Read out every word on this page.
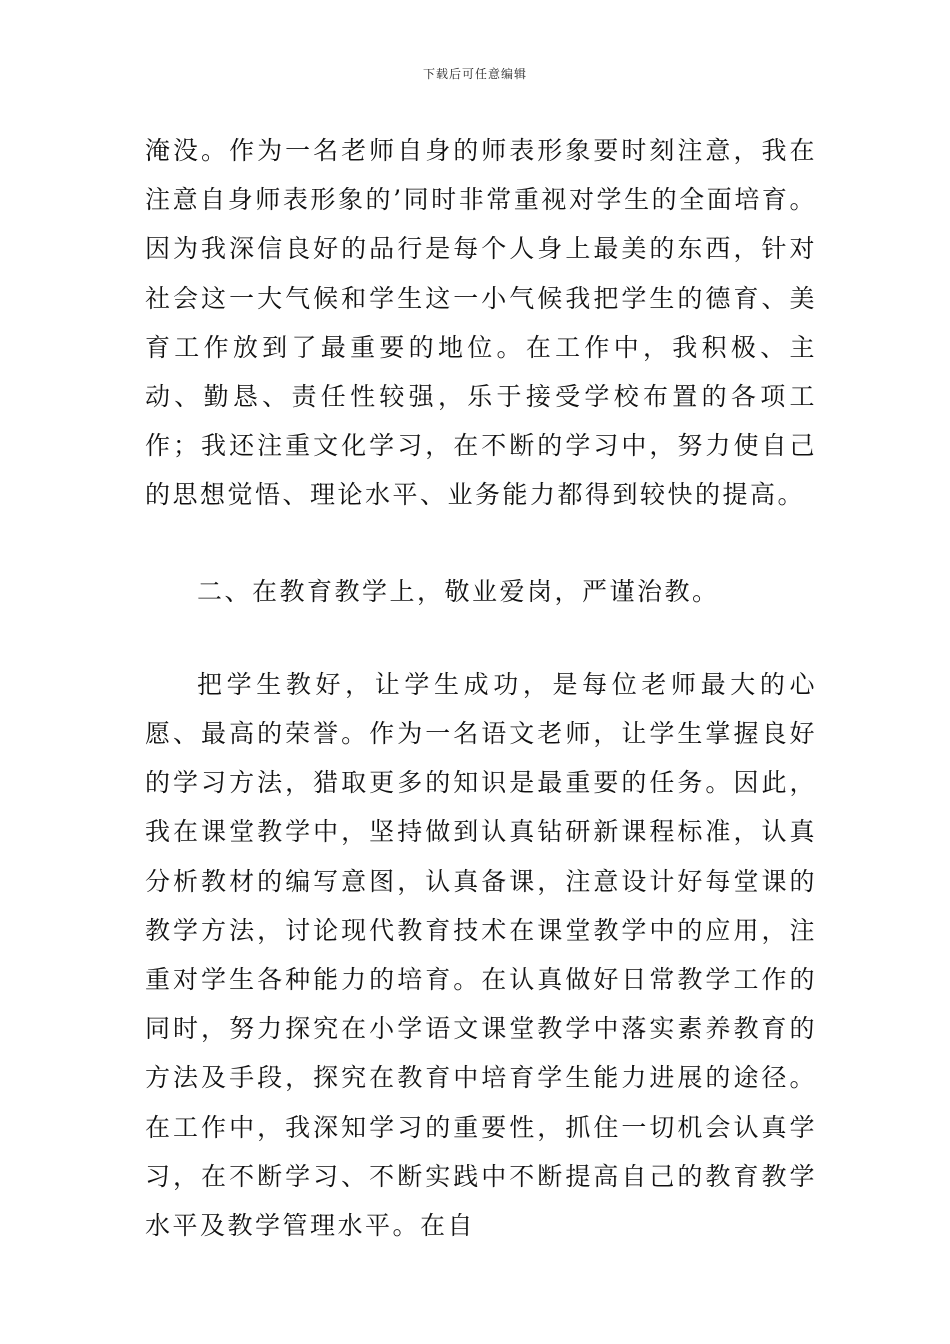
下载后可任意编辑

淹没。作为一名老师自身的师表形象要时刻注意，我在注意自身师表形象的’同时非常重视对学生的全面培育。因为我深信良好的品行是每个人身上最美的东西，针对社会这一大气候和学生这一小气候我把学生的德育、美育工作放到了最重要的地位。在工作中，我积极、主动、勤恳、责任性较强，乐于接受学校布置的各项工作；我还注重文化学习，在不断的学习中，努力使自己的思想觉悟、理论水平、业务能力都得到较快的提高。

二、在教育教学上，敬业爱岗，严谨治教。

把学生教好，让学生成功，是每位老师最大的心愿、最高的荣誉。作为一名语文老师，让学生掌握良好的学习方法，猎取更多的知识是最重要的任务。因此，我在课堂教学中，坚持做到认真钻研新课程标准，认真分析教材的编写意图，认真备课，注意设计好每堂课的教学方法，讨论现代教育技术在课堂教学中的应用，注重对学生各种能力的培育。在认真做好日常教学工作的同时，努力探究在小学语文课堂教学中落实素养教育的方法及手段，探究在教育中培育学生能力进展的途径。在工作中，我深知学习的重要性，抓住一切机会认真学习，在不断学习、不断实践中不断提高自己的教育教学水平及教学管理水平。在自
